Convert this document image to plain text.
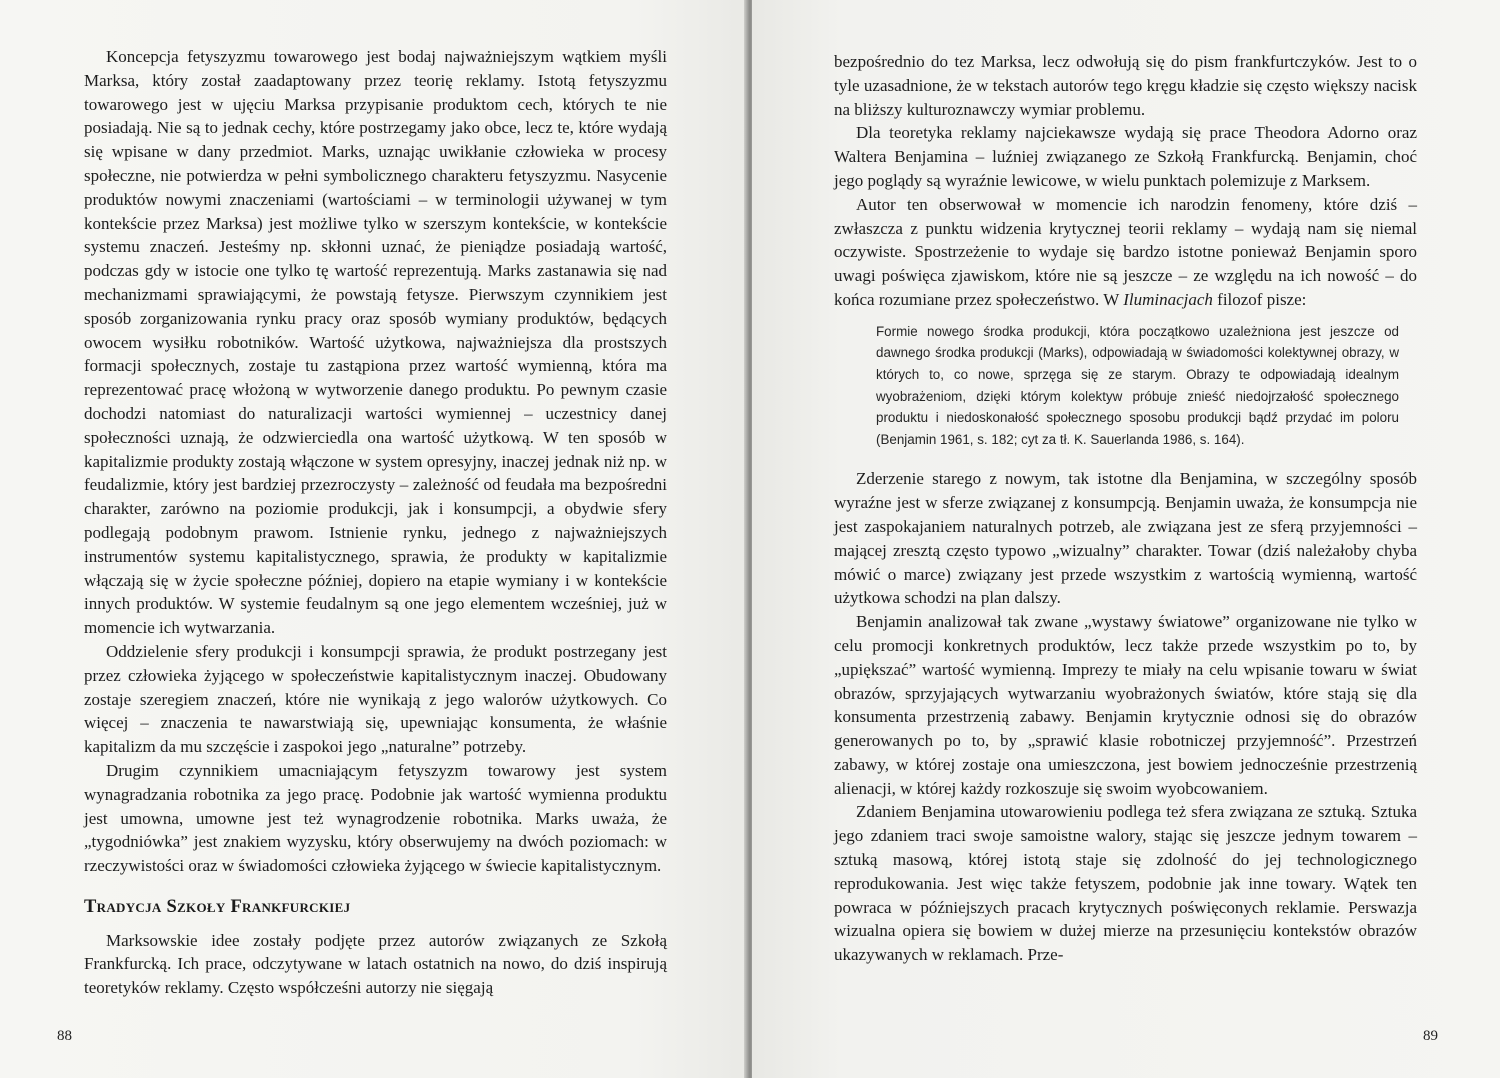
Koncepcja fetyszyzmu towarowego jest bodaj najważniejszym wątkiem myśli Marksa, który został zaadaptowany przez teorię reklamy. Istotą fetyszyzmu towarowego jest w ujęciu Marksa przypisanie produktom cech, których te nie posiadają. Nie są to jednak cechy, które postrzegamy jako obce, lecz te, które wydają się wpisane w dany przedmiot. Marks, uznając uwikłanie człowieka w procesy społeczne, nie potwierdza w pełni symbolicznego charakteru fetyszyzmu. Nasycenie produktów nowymi znaczeniami (wartościami – w terminologii używanej w tym kontekście przez Marksa) jest możliwe tylko w szerszym kontekście, w kontekście systemu znaczeń. Jesteśmy np. skłonni uznać, że pieniądze posiadają wartość, podczas gdy w istocie one tylko tę wartość reprezentują. Marks zastanawia się nad mechanizmami sprawiającymi, że powstają fetysze. Pierwszym czynnikiem jest sposób zorganizowania rynku pracy oraz sposób wymiany produktów, będących owocem wysiłku robotników. Wartość użytkowa, najważniejsza dla prostszych formacji społecznych, zostaje tu zastąpiona przez wartość wymienną, która ma reprezentować pracę włożoną w wytworzenie danego produktu. Po pewnym czasie dochodzi natomiast do naturalizacji wartości wymiennej – uczestnicy danej społeczności uznają, że odzwierciedla ona wartość użytkową. W ten sposób w kapitalizmie produkty zostają włączone w system opresyjny, inaczej jednak niż np. w feudalizmie, który jest bardziej przezroczysty – zależność od feudała ma bezpośredni charakter, zarówno na poziomie produkcji, jak i konsumpcji, a obydwie sfery podlegają podobnym prawom. Istnienie rynku, jednego z najważniejszych instrumentów systemu kapitalistycznego, sprawia, że produkty w kapitalizmie włączają się w życie społeczne później, dopiero na etapie wymiany i w kontekście innych produktów. W systemie feudalnym są one jego elementem wcześniej, już w momencie ich wytwarzania.

Oddzielenie sfery produkcji i konsumpcji sprawia, że produkt postrzegany jest przez człowieka żyjącego w społeczeństwie kapitalistycznym inaczej. Obudowany zostaje szeregiem znaczeń, które nie wynikają z jego walorów użytkowych. Co więcej – znaczenia te nawarstwiają się, upewniając konsumenta, że właśnie kapitalizm da mu szczęście i zaspokoi jego „naturalne” potrzeby.

Drugim czynnikiem umacniającym fetyszyzm towarowy jest system wynagradzania robotnika za jego pracę. Podobnie jak wartość wymienna produktu jest umowna, umowne jest też wynagrodzenie robotnika. Marks uważa, że „tygodniówka” jest znakiem wyzysku, który obserwujemy na dwóch poziomach: w rzeczywistości oraz w świadomości człowieka żyjącego w świecie kapitalistycznym.

Tradycja Szkoły Frankfurckiej

Marksowskie idee zostały podjęte przez autorów związanych ze Szkołą Frankfurcką. Ich prace, odczytywane w latach ostatnich na nowo, do dziś inspirują teoretyków reklamy. Często współcześni autorzy nie sięgają

88

bezpośrednio do tez Marksa, lecz odwołują się do pism frankfurtczyków. Jest to o tyle uzasadnione, że w tekstach autorów tego kręgu kładzie się często większy nacisk na bliższy kulturoznawczy wymiar problemu.

Dla teoretyka reklamy najciekawsze wydają się prace Theodora Adorno oraz Waltera Benjamina – luźniej związanego ze Szkołą Frankfurcką. Benjamin, choć jego poglądy są wyraźnie lewicowe, w wielu punktach polemizuje z Marksem.

Autor ten obserwował w momencie ich narodzin fenomeny, które dziś – zwłaszcza z punktu widzenia krytycznej teorii reklamy – wydają nam się niemal oczywiste. Spostrzeżenie to wydaje się bardzo istotne ponieważ Benjamin sporo uwagi poświęca zjawiskom, które nie są jeszcze – ze względu na ich nowość – do końca rozumiane przez społeczeństwo. W Iluminacjach filozof pisze:

Formie nowego środka produkcji, która początkowo uzależniona jest jeszcze od dawnego środka produkcji (Marks), odpowiadają w świadomości kolektywnej obrazy, w których to, co nowe, sprzęga się ze starym. Obrazy te odpowiadają idealnym wyobrażeniom, dzięki którym kolektyw próbuje znieść niedojrzałość społecznego produktu i niedoskonałość społecznego sposobu produkcji bądź przydać im poloru (Benjamin 1961, s. 182; cyt za tł. K. Sauerlanda 1986, s. 164).

Zderzenie starego z nowym, tak istotne dla Benjamina, w szczególny sposób wyraźne jest w sferze związanej z konsumpcją. Benjamin uważa, że konsumpcja nie jest zaspokajaniem naturalnych potrzeb, ale związana jest ze sferą przyjemności – mającej zresztą często typowo „wizualny” charakter. Towar (dziś należałoby chyba mówić o marce) związany jest przede wszystkim z wartością wymienną, wartość użytkowa schodzi na plan dalszy.

Benjamin analizował tak zwane „wystawy światowe” organizowane nie tylko w celu promocji konkretnych produktów, lecz także przede wszystkim po to, by „upiększać” wartość wymienną. Imprezy te miały na celu wpisanie towaru w świat obrazów, sprzyjających wytwarzaniu wyobrażonych światów, które stają się dla konsumenta przestrzenią zabawy. Benjamin krytycznie odnosi się do obrazów generowanych po to, by „sprawić klasie robotniczej przyjemność”. Przestrzeń zabawy, w której zostaje ona umieszczona, jest bowiem jednocześnie przestrzenią alienacji, w której każdy rozkoszuje się swoim wyobcowaniem.

Zdaniem Benjamina utowarowieniu podlega też sfera związana ze sztuką. Sztuka jego zdaniem traci swoje samoistne walory, stając się jeszcze jednym towarem – sztuką masową, której istotą staje się zdolność do jej technologicznego reprodukowania. Jest więc także fetyszem, podobnie jak inne towary. Wątek ten powraca w późniejszych pracach krytycznych poświęconych reklamie. Perswazja wizualna opiera się bowiem w dużej mierze na przesunięciu kontekstów obrazów ukazywanych w reklamach. Prze-

89
